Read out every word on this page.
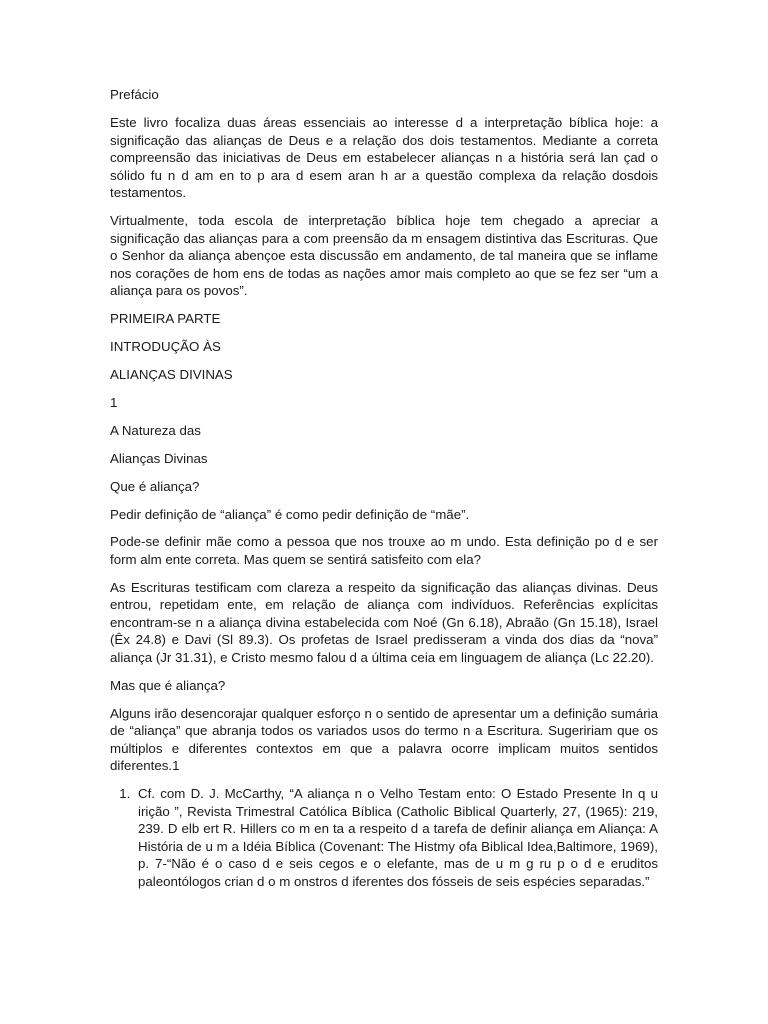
Prefácio

Este livro focaliza duas áreas essenciais ao interesse d a interpretação bíblica hoje: a significação das alianças de Deus e a relação dos dois testamentos. Mediante a correta compreensão das iniciativas de Deus em estabelecer alianças n a história será lan çad o sólido fu n d am en to p ara d esem aran h ar a questão complexa da relação dosdois testamentos.

Virtualmente, toda escola de interpretação bíblica hoje tem chegado a apreciar a significação das alianças para a com preensão da m ensagem distintiva das Escrituras. Que o Senhor da aliança abençoe esta discussão em andamento, de tal maneira que se inflame nos corações de hom ens de todas as nações amor mais completo ao que se fez ser “um a aliança para os povos”.

PRIMEIRA PARTE

INTRODUÇÃO ÀS

ALIANÇAS DIVINAS

1

A Natureza das

Alianças Divinas

Que é aliança?

Pedir definição de “aliança” é como pedir definição de “mãe”.

Pode-se definir mãe como a pessoa que nos trouxe ao m undo. Esta definição po d e ser form alm ente correta. Mas quem se sentirá satisfeito com ela?

As Escrituras testificam com clareza a respeito da significação das alianças divinas. Deus entrou, repetidam ente, em relação de aliança com indivíduos. Referências explícitas encontram-se n a aliança divina estabelecida com Noé (Gn 6.18), Abraão (Gn 15.18), Israel (Êx 24.8) e Davi (Sl 89.3). Os profetas de Israel predisseram a vinda dos dias da “nova” aliança (Jr 31.31), e Cristo mesmo falou d a última ceia em linguagem de aliança (Lc 22.20).

Mas que é aliança?

Alguns irão desencorajar qualquer esforço n o sentido de apresentar um a definição sumária de “aliança” que abranja todos os variados usos do termo n a Escritura. Sugeririam que os múltiplos e diferentes contextos em que a palavra ocorre implicam muitos sentidos diferentes.1

1. Cf. com D. J. McCarthy, “A aliança n o Velho Testam ento: O Estado Presente In q u irição ”, Revista Trimestral Católica Bíblica (Catholic Biblical Quarterly, 27, (1965): 219, 239. D elb ert R. Hillers co m en ta a respeito d a tarefa de definir aliança em Aliança: A História de u m a Idéia Bíblica (Covenant: The Histmy ofa Biblical Idea,Baltimore, 1969), p. 7-“Não é o caso d e seis cegos e o elefante, mas de u m g ru p o d e eruditos paleontólogos crian d o m onstros d iferentes dos fósseis de seis espécies separadas.”
